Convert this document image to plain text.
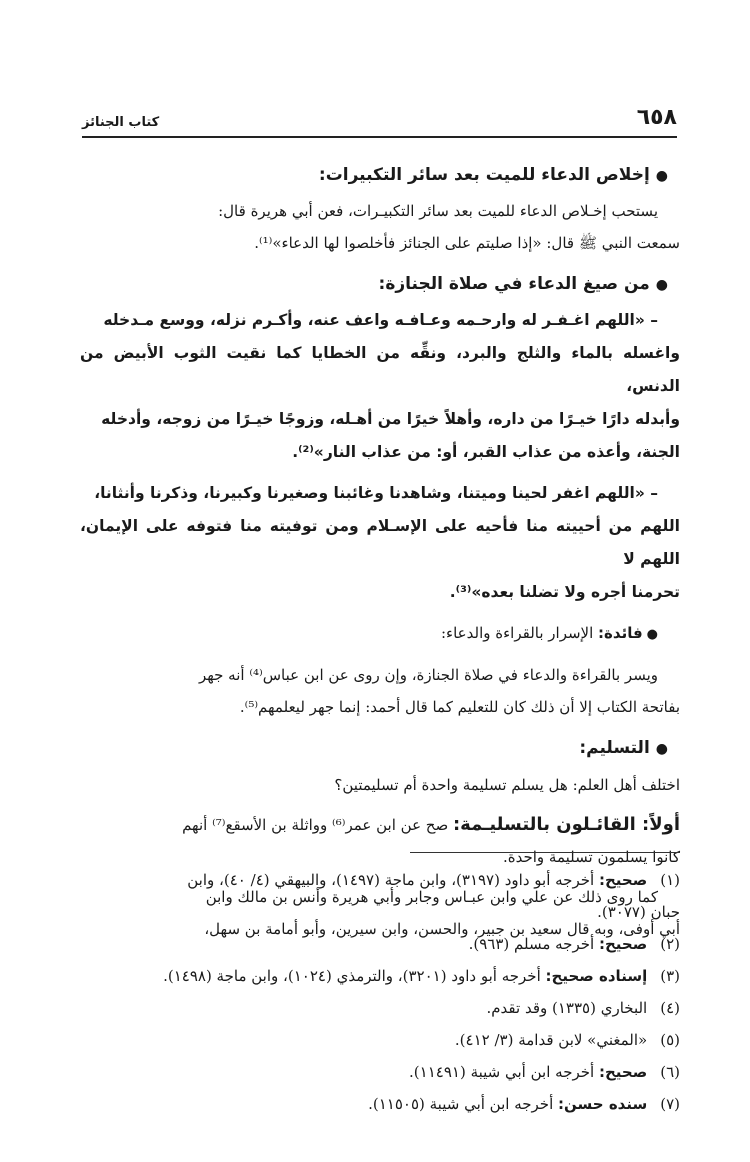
٦٥٨
كتاب الجنائز
●إخلاص الدعاء للميت بعد سائر التكبيرات:

يستحب إخـلاص الدعاء للميت بعد سائر التكبيـرات، فعن أبي هريرة قال:

سمعت النبي ﷺ قال: «إذا صليتم على الجنائز فأخلصوا لها الدعاء»⁽¹⁾.

●من صيغ الدعاء في صلاة الجنازة:

– «اللهم اغـفـر له وارحـمه وعـافـه واعف عنه، وأكـرم نزله، ووسع مـدخله

واغسله بالماء والثلج والبرد، ونقِّه من الخطايا كما نقيت الثوب الأبيض من الدنس،

وأبدله دارًا خيـرًا من داره، وأهلاً خيرًا من أهـله، وزوجًا خيـرًا من زوجه، وأدخله

الجنة، وأعذه من عذاب القبر، أو: من عذاب النار»⁽²⁾.

– «اللهم اغفر لحينا وميتنا، وشاهدنا وغائبنا وصغيرنا وكبيرنا، وذكرنا وأنثانا،

اللهم من أحييته منا فأحيه على الإسـلام ومن توفيته منا فتوفه على الإيمان، اللهم لا

تحرمنا أجره ولا تضلنا بعده»⁽³⁾.

●فائدة: الإسرار بالقراءة والدعاء:

ويسر بالقراءة والدعاء في صلاة الجنازة، وإن روى عن ابن عباس⁽⁴⁾ أنه جهر

بفاتحة الكتاب إلا أن ذلك كان للتعليم كما قال أحمد: إنما جهر ليعلمهم⁽⁵⁾.

●التسليم:

اختلف أهل العلم: هل يسلم تسليمة واحدة أم تسليمتين؟

أولاً: القائـلون بالتسليـمة: صح عن ابن عمر⁽⁶⁾ وواثلة بن الأسقع⁽⁷⁾ أنهم

كانوا يسلمون تسليمة واحدة.

كما روى ذلك عن علي وابن عبـاس وجابر وأبي هريرة وأنس بن مالك وابن

أبي أوفى، وبه قال سعيد بن جبير، والحسن، وابن سيرين، وأبو أمامة بن سهل،

(١) صحيح: أخرجه أبو داود (٣١٩٧)، وابن ماجة (١٤٩٧)، والبيهقي (٤/ ٤٠)، وابن

حبان (٣٠٧٧).

(٢) صحيح: أخرجه مسلم (٩٦٣).

(٣) إسناده صحيح: أخرجه أبو داود (٣٢٠١)، والترمذي (١٠٢٤)، وابن ماجة (١٤٩٨).

(٤) البخاري (١٣٣٥) وقد تقدم.

(٥) «المغني» لابن قدامة (٣/ ٤١٢).

(٦) صحيح: أخرجه ابن أبي شيبة (١١٤٩١).

(٧) سنده حسن: أخرجه ابن أبي شيبة (١١٥٠٥).
